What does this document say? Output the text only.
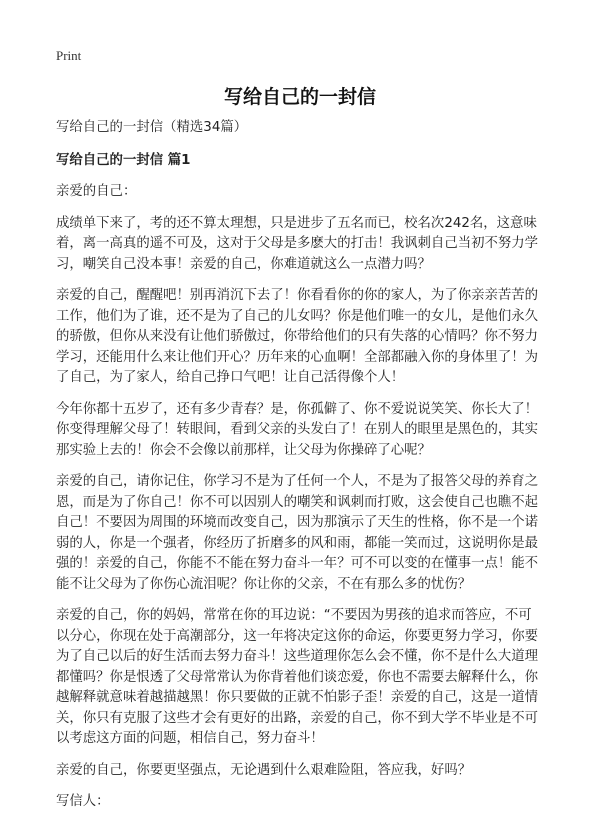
Print
写给自己的一封信
写给自己的一封信（精选34篇）
写给自己的一封信 篇1
亲爱的自己：
成绩单下来了，考的还不算太理想，只是进步了五名而已，校名次242名，这意味
着，离一高真的遥不可及，这对于父母是多麽大的打击！我讽刺自己当初不努力学
习，嘲笑自己没本事！亲爱的自己，你难道就这么一点潜力吗？
亲爱的自己，醒醒吧！别再消沉下去了！你看看你的你的家人，为了你亲亲苦苦的
工作，他们为了谁，还不是为了自己的儿女吗？你是他们唯一的女儿，是他们永久
的骄傲，但你从来没有让他们骄傲过，你带给他们的只有失落的心情吗？你不努力
学习，还能用什么来让他们开心？历年来的心血啊！全部都融入你的身体里了！为
了自己，为了家人，给自己挣口气吧！让自己活得像个人！
今年你都十五岁了，还有多少青春？是，你孤僻了、你不爱说说笑笑、你长大了！
你变得理解父母了！转眼间，看到父亲的头发白了！在别人的眼里是黑色的，其实
那实验上去的！你会不会像以前那样，让父母为你操碎了心呢？
亲爱的自己，请你记住，你学习不是为了任何一个人，不是为了报答父母的养育之
恩，而是为了你自己！你不可以因别人的嘲笑和讽刺而打败，这会使自己也瞧不起
自己！不要因为周围的环境而改变自己，因为那演示了天生的性格，你不是一个诺
弱的人，你是一个强者，你经历了折磨多的风和雨，都能一笑而过，这说明你是最
强的！亲爱的自己，你能不不能在努力奋斗一年？可不可以变的在懂事一点！能不
能不让父母为了你伤心流泪呢？你让你的父亲，不在有那么多的忧伤？
亲爱的自己，你的妈妈，常常在你的耳边说：“不要因为男孩的追求而答应，不可
以分心，你现在处于高潮部分，这一年将决定这你的命运，你要更努力学习，你要
为了自己以后的好生活而去努力奋斗！这些道理你怎么会不懂，你不是什么大道理
都懂吗？你是恨透了父母常常认为你背着他们谈恋爱，你也不需要去解释什么，你
越解释就意味着越描越黑！你只要做的正就不怕影子歪！亲爱的自己，这是一道情
关，你只有克服了这些才会有更好的出路，亲爱的自己，你不到大学不毕业是不可
以考虑这方面的问题，相信自己，努力奋斗！
亲爱的自己，你要更坚强点，无论遇到什么艰难险阻，答应我，好吗？
写信人：
